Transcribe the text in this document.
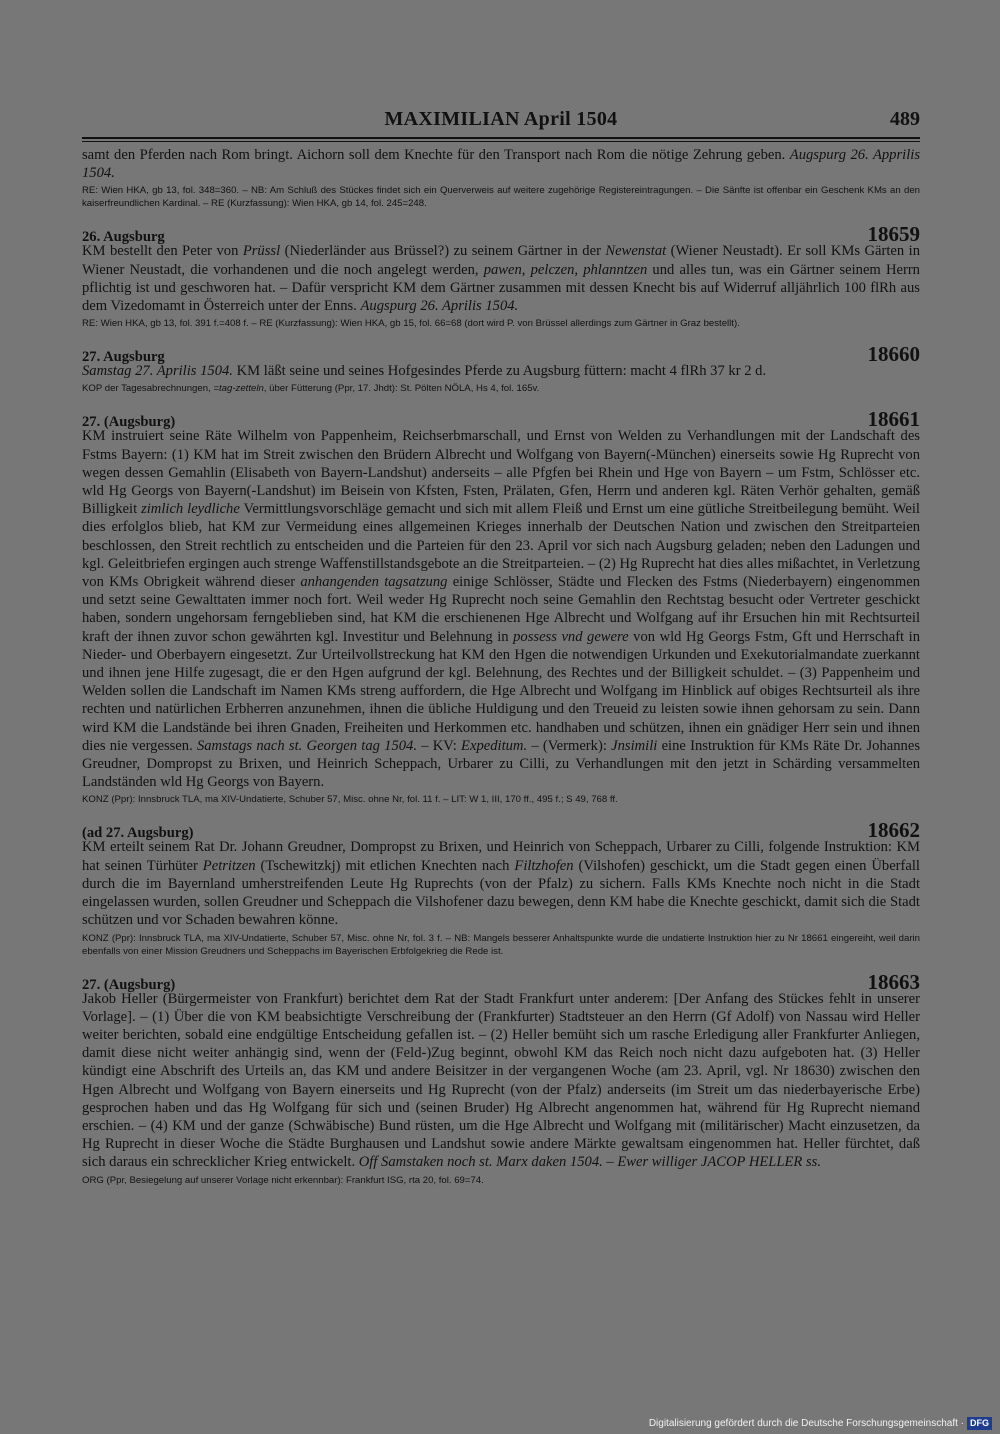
MAXIMILIAN April 1504	489

samt den Pferden nach Rom bringt. Aichorn soll dem Knechte für den Transport nach Rom die nötige Zehrung geben. Augspurg 26. Apprilis 1504.

RE: Wien HKA, gb 13, fol. 348=360. – NB: Am Schluß des Stückes findet sich ein Querverweis auf weitere zugehörige Registereintragungen. – Die Sänfte ist offenbar ein Geschenk KMs an den kaiserfreundlichen Kardinal. – RE (Kurzfassung): Wien HKA, gb 14, fol. 245=248.

26. Augsburg	18659

KM bestellt den Peter von Prüssl (Niederländer aus Brüssel?) zu seinem Gärtner in der Newenstat (Wiener Neustadt). Er soll KMs Gärten in Wiener Neustadt, die vorhandenen und die noch angelegt werden, pawen, pelczen, phlanntzen und alles tun, was ein Gärtner seinem Herrn pflichtig ist und geschworen hat. – Dafür verspricht KM dem Gärtner zusammen mit dessen Knecht bis auf Widerruf alljährlich 100 flRh aus dem Vizedomamt in Österreich unter der Enns. Augspurg 26. Aprilis 1504.

RE: Wien HKA, gb 13, fol. 391 f.=408 f. – RE (Kurzfassung): Wien HKA, gb 15, fol. 66=68 (dort wird P. von Brüssel allerdings zum Gärtner in Graz bestellt).

27. Augsburg	18660

Samstag 27. Aprilis 1504. KM läßt seine und seines Hofgesindes Pferde zu Augsburg füttern: macht 4 flRh 37 kr 2 d.

KOP der Tagesabrechnungen, =tag-zetteln, über Fütterung (Ppr, 17. Jhdt): St. Pölten NÖLA, Hs 4, fol. 165v.

27. (Augsburg)	18661

KM instruiert seine Räte Wilhelm von Pappenheim, Reichserbmarschall, und Ernst von Welden zu Verhandlungen mit der Landschaft des Fstms Bayern: (1) KM hat im Streit zwischen den Brüdern Albrecht und Wolfgang von Bayern(-München) einerseits sowie Hg Ruprecht von wegen dessen Gemahlin (Elisabeth von Bayern-Landshut) anderseits – alle Pfgfen bei Rhein und Hge von Bayern – um Fstm, Schlösser etc. wld Hg Georgs von Bayern(-Landshut) im Beisein von Kfsten, Fsten, Prälaten, Gfen, Herrn und anderen kgl. Räten Verhör gehalten, gemäß Billigkeit zimlich leydliche Vermittlungsvorschläge gemacht und sich mit allem Fleiß und Ernst um eine gütliche Streitbeilegung bemüht. Weil dies erfolglos blieb, hat KM zur Vermeidung eines allgemeinen Krieges innerhalb der Deutschen Nation und zwischen den Streitparteien beschlossen, den Streit rechtlich zu entscheiden und die Parteien für den 23. April vor sich nach Augsburg geladen; neben den Ladungen und kgl. Geleitbriefen ergingen auch strenge Waffenstillstandsgebote an die Streitparteien. – (2) Hg Ruprecht hat dies alles mißachtet, in Verletzung von KMs Obrigkeit während dieser anhangenden tagsatzung einige Schlösser, Städte und Flecken des Fstms (Niederbayern) eingenommen und setzt seine Gewalttaten immer noch fort. Weil weder Hg Ruprecht noch seine Gemahlin den Rechtstag besucht oder Vertreter geschickt haben, sondern ungehorsam ferngeblieben sind, hat KM die erschienenen Hge Albrecht und Wolfgang auf ihr Ersuchen hin mit Rechtsurteil kraft der ihnen zuvor schon gewährten kgl. Investitur und Belehnung in possess vnd gewere von wld Hg Georgs Fstm, Gft und Herrschaft in Nieder- und Oberbayern eingesetzt. Zur Urteilvollstreckung hat KM den Hgen die notwendigen Urkunden und Exekutorialmandate zuerkannt und ihnen jene Hilfe zugesagt, die er den Hgen aufgrund der kgl. Belehnung, des Rechtes und der Billigkeit schuldet. – (3) Pappenheim und Welden sollen die Landschaft im Namen KMs streng auffordern, die Hge Albrecht und Wolfgang im Hinblick auf obiges Rechtsurteil als ihre rechten und natürlichen Erbherren anzunehmen, ihnen die übliche Huldigung und den Treueid zu leisten sowie ihnen gehorsam zu sein. Dann wird KM die Landstände bei ihren Gnaden, Freiheiten und Herkommen etc. handhaben und schützen, ihnen ein gnädiger Herr sein und ihnen dies nie vergessen. Samstags nach st. Georgen tag 1504. – KV: Expeditum. – (Vermerk): Jnsimili eine Instruktion für KMs Räte Dr. Johannes Greudner, Dompropst zu Brixen, und Heinrich Scheppach, Urbarer zu Cilli, zu Verhandlungen mit den jetzt in Schärding versammelten Landständen wld Hg Georgs von Bayern.

KONZ (Ppr): Innsbruck TLA, ma XIV-Undatierte, Schuber 57, Misc. ohne Nr, fol. 11 f. – LIT: W 1, III, 170 ff., 495 f.; S 49, 768 ff.

(ad 27. Augsburg)	18662

KM erteilt seinem Rat Dr. Johann Greudner, Dompropst zu Brixen, und Heinrich von Scheppach, Urbarer zu Cilli, folgende Instruktion: KM hat seinen Türhüter Petritzen (Tschewitzkj) mit etlichen Knechten nach Filtzhofen (Vilshofen) geschickt, um die Stadt gegen einen Überfall durch die im Bayernland umherstreifenden Leute Hg Ruprechts (von der Pfalz) zu sichern. Falls KMs Knechte noch nicht in die Stadt eingelassen wurden, sollen Greudner und Scheppach die Vilshofener dazu bewegen, denn KM habe die Knechte geschickt, damit sich die Stadt schützen und vor Schaden bewahren könne.

KONZ (Ppr): Innsbruck TLA, ma XIV-Undatierte, Schuber 57, Misc. ohne Nr, fol. 3 f. – NB: Mangels besserer Anhaltspunkte wurde die undatierte Instruktion hier zu Nr 18661 eingereiht, weil darin ebenfalls von einer Mission Greudners und Scheppachs im Bayerischen Erbfolgekrieg die Rede ist.

27. (Augsburg)	18663

Jakob Heller (Bürgermeister von Frankfurt) berichtet dem Rat der Stadt Frankfurt unter anderem: [Der Anfang des Stückes fehlt in unserer Vorlage]. – (1) Über die von KM beabsichtigte Verschreibung der (Frankfurter) Stadtsteuer an den Herrn (Gf Adolf) von Nassau wird Heller weiter berichten, sobald eine endgültige Entscheidung gefallen ist. – (2) Heller bemüht sich um rasche Erledigung aller Frankfurter Anliegen, damit diese nicht weiter anhängig sind, wenn der (Feld-)Zug beginnt, obwohl KM das Reich noch nicht dazu aufgeboten hat. (3) Heller kündigt eine Abschrift des Urteils an, das KM und andere Beisitzer in der vergangenen Woche (am 23. April, vgl. Nr 18630) zwischen den Hgen Albrecht und Wolfgang von Bayern einerseits und Hg Ruprecht (von der Pfalz) anderseits (im Streit um das niederbayerische Erbe) gesprochen haben und das Hg Wolfgang für sich und (seinen Bruder) Hg Albrecht angenommen hat, während für Hg Ruprecht niemand erschien. – (4) KM und der ganze (Schwäbische) Bund rüsten, um die Hge Albrecht und Wolfgang mit (militärischer) Macht einzusetzen, da Hg Ruprecht in dieser Woche die Städte Burghausen und Landshut sowie andere Märkte gewaltsam eingenommen hat. Heller fürchtet, daß sich daraus ein schrecklicher Krieg entwickelt. Off Samstaken noch st. Marx daken 1504. – Ewer williger JACOP HELLER ss.

ORG (Ppr, Besiegelung auf unserer Vorlage nicht erkennbar): Frankfurt ISG, rta 20, fol. 69=74.

Digitalisierung gefördert durch die Deutsche Forschungsgemeinschaft · DFG
